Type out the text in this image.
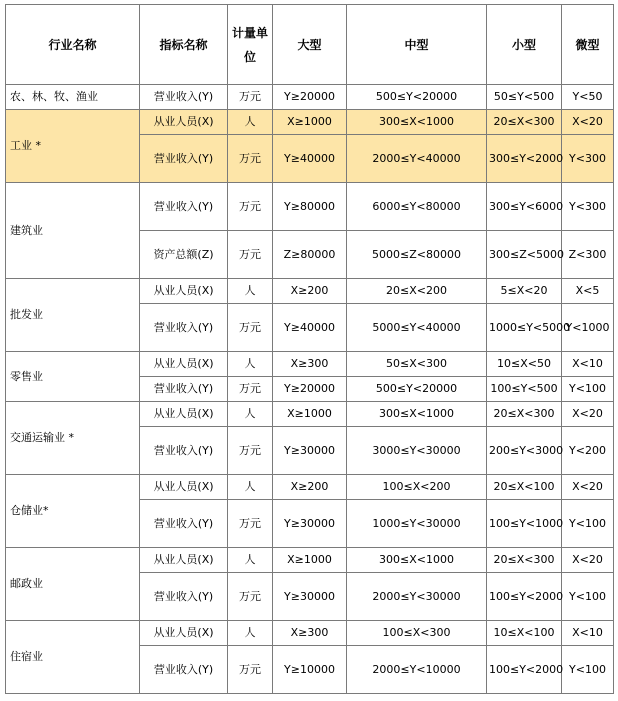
行业名称	指标名称	计量单位	大型	中型	小型	微型
农、林、牧、渔业	营业收入(Y)	万元	Y≥20000	500≤Y<20000	50≤Y<500	Y<50
工业 *	从业人员(X)	人	X≥1000	300≤X<1000	20≤X<300	X<20
	营业收入(Y)	万元	Y≥40000	2000≤Y<40000	300≤Y<2000	Y<300
建筑业	营业收入(Y)	万元	Y≥80000	6000≤Y<80000	300≤Y<6000	Y<300
	资产总额(Z)	万元	Z≥80000	5000≤Z<80000	300≤Z<5000	Z<300
批发业	从业人员(X)	人	X≥200	20≤X<200	5≤X<20	X<5
	营业收入(Y)	万元	Y≥40000	5000≤Y<40000	1000≤Y<5000	Y<1000
零售业	从业人员(X)	人	X≥300	50≤X<300	10≤X<50	X<10
	营业收入(Y)	万元	Y≥20000	500≤Y<20000	100≤Y<500	Y<100
交通运输业 *	从业人员(X)	人	X≥1000	300≤X<1000	20≤X<300	X<20
	营业收入(Y)	万元	Y≥30000	3000≤Y<30000	200≤Y<3000	Y<200
仓储业*	从业人员(X)	人	X≥200	100≤X<200	20≤X<100	X<20
	营业收入(Y)	万元	Y≥30000	1000≤Y<30000	100≤Y<1000	Y<100
邮政业	从业人员(X)	人	X≥1000	300≤X<1000	20≤X<300	X<20
	营业收入(Y)	万元	Y≥30000	2000≤Y<30000	100≤Y<2000	Y<100
住宿业	从业人员(X)	人	X≥300	100≤X<300	10≤X<100	X<10
	营业收入(Y)	万元	Y≥10000	2000≤Y<10000	100≤Y<2000	Y<100
